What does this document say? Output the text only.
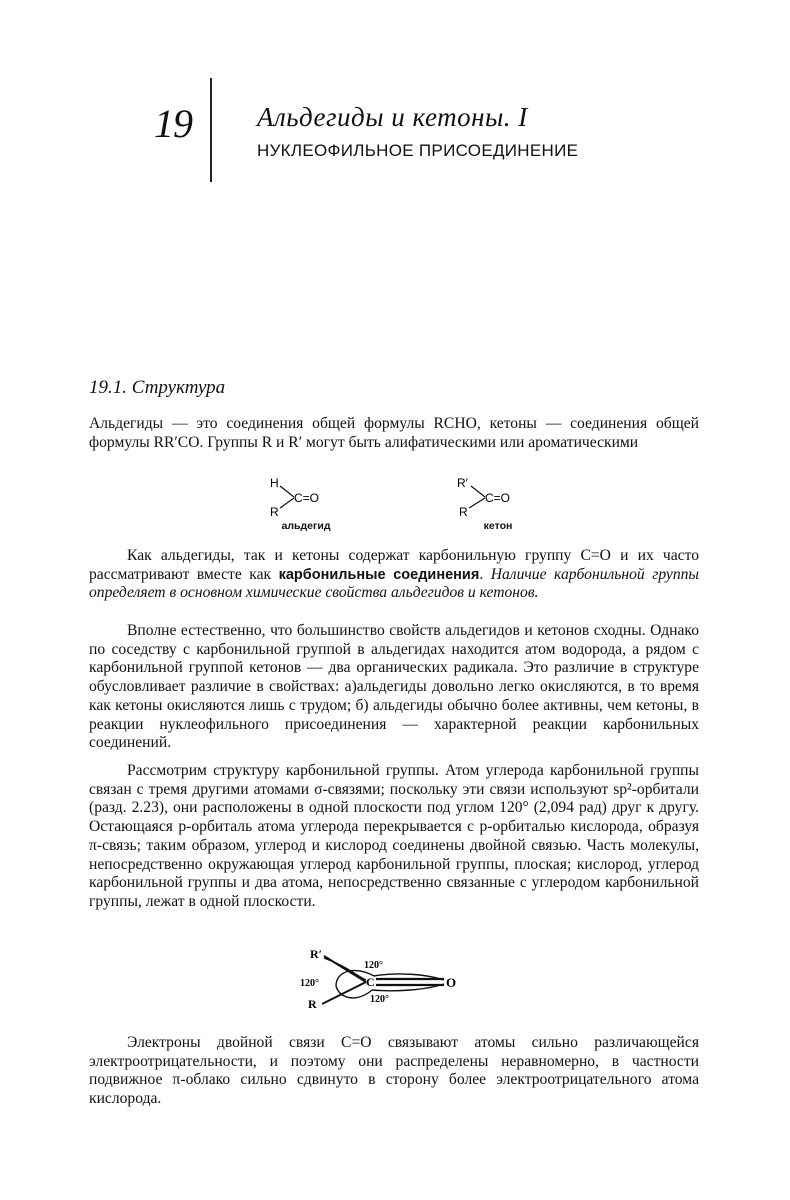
19 Альдегиды и кетоны. I
НУКЛЕОФИЛЬНОЕ ПРИСОЕДИНЕНИЕ
19.1. Структура
Альдегиды — это соединения общей формулы RCHO, кетоны — соединения общей формулы RR′CO. Группы R и R′ могут быть алифатическими или ароматическими
H
R
C=O
альдегид
R′
R
C=O
кетон
Как альдегиды, так и кетоны содержат карбонильную группу C=O и их часто рассматривают вместе как карбонильные соединения. Наличие карбонильной группы определяет в основном химические свойства альдегидов и кетонов.
Вполне естественно, что большинство свойств альдегидов и кетонов сходны. Однако по соседству с карбонильной группой в альдегидах находится атом водорода, а рядом с карбонильной группой кетонов — два органических радикала. Это различие в структуре обусловливает различие в свойствах: а)альдегиды довольно легко окисляются, в то время как кетоны окисляются лишь с трудом; б) альдегиды обычно более активны, чем кетоны, в реакции нуклеофильного присоединения — характерной реакции карбонильных соединений.
Рассмотрим структуру карбонильной группы. Атом углерода карбонильной группы связан с тремя другими атомами σ-связями; поскольку эти связи используют sp²-орбитали (разд. 2.23), они расположены в одной плоскости под углом 120° (2,094 рад) друг к другу. Остающаяся p-орбиталь атома углерода перекрывается с p-орбиталью кислорода, образуя π-связь; таким образом, углерод и кислород соединены двойной связью. Часть молекулы, непосредственно окружающая углерод карбонильной группы, плоская; кислород, углерод карбонильной группы и два атома, непосредственно связанные с углеродом карбонильной группы, лежат в одной плоскости.
R′
R
120°
120°
120°
C	O
Электроны двойной связи C=O связывают атомы сильно различающейся электроотрицательности, и поэтому они распределены неравномерно, в частности подвижное π-облако сильно сдвинуто в сторону более электроотрицательного атома кислорода.
